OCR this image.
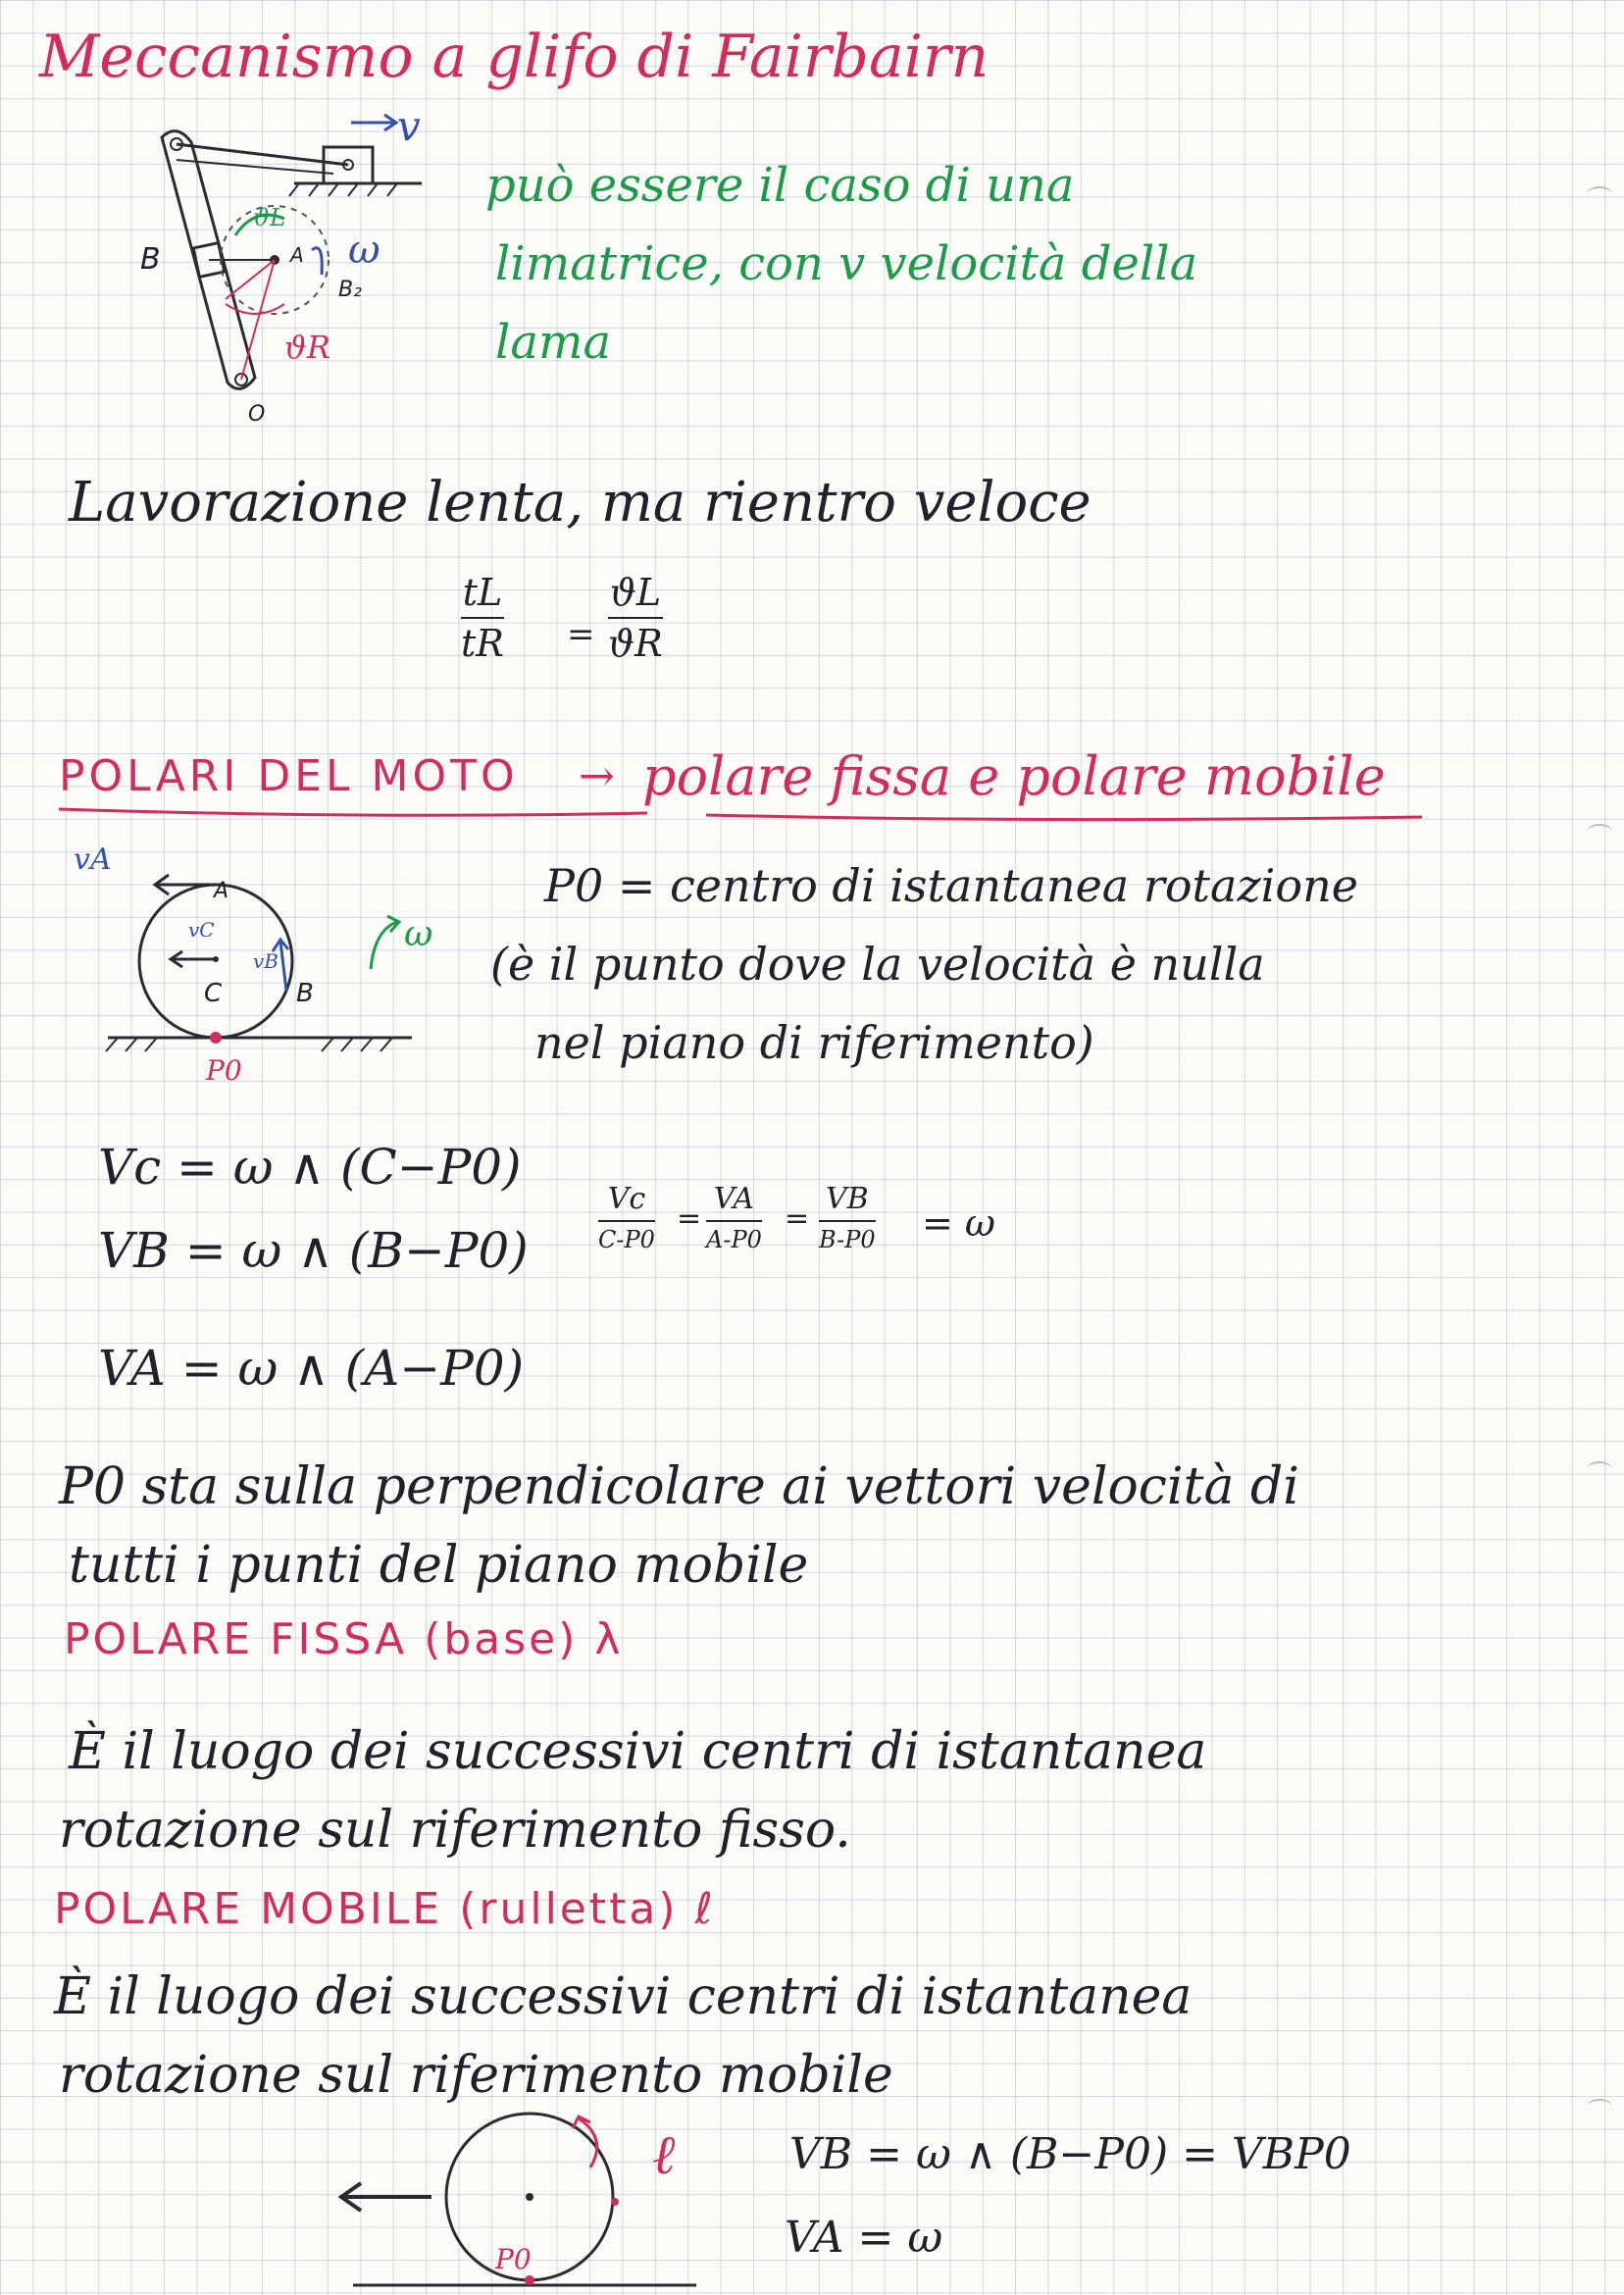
Meccanismo a glifo di Fairbairn
v
ω
B	A
B₂
ϑL
ϑR
O
può essere il caso di una
limatrice, con v velocità della
lama
Lavorazione lenta, ma rientro veloce
tL
tR =
ϑL
ϑR
POLARI DEL MOTO → polare fissa e polare mobile
vA
A
vC
C
vB
B
ω
P0
P0 = centro di istantanea rotazione
(è il punto dove la velocità è nulla
nel piano di riferimento)
Vc = ω ∧ (C−P0)
VB = ω ∧ (B−P0)
VA = ω ∧ (A−P0)
Vc
C-P0
=
VA
A-P0
=
VB
B-P0 = ω
P0 sta sulla perpendicolare ai vettori velocità di
tutti i punti del piano mobile
POLARE FISSA (base) λ
È il luogo dei successivi centri di istantanea
rotazione sul riferimento fisso.
POLARE MOBILE (rulletta) ℓ
È il luogo dei successivi centri di istantanea
rotazione sul riferimento mobile
ℓ
P0
VB = ω ∧ (B−P0) = VBP0
VA = ω
